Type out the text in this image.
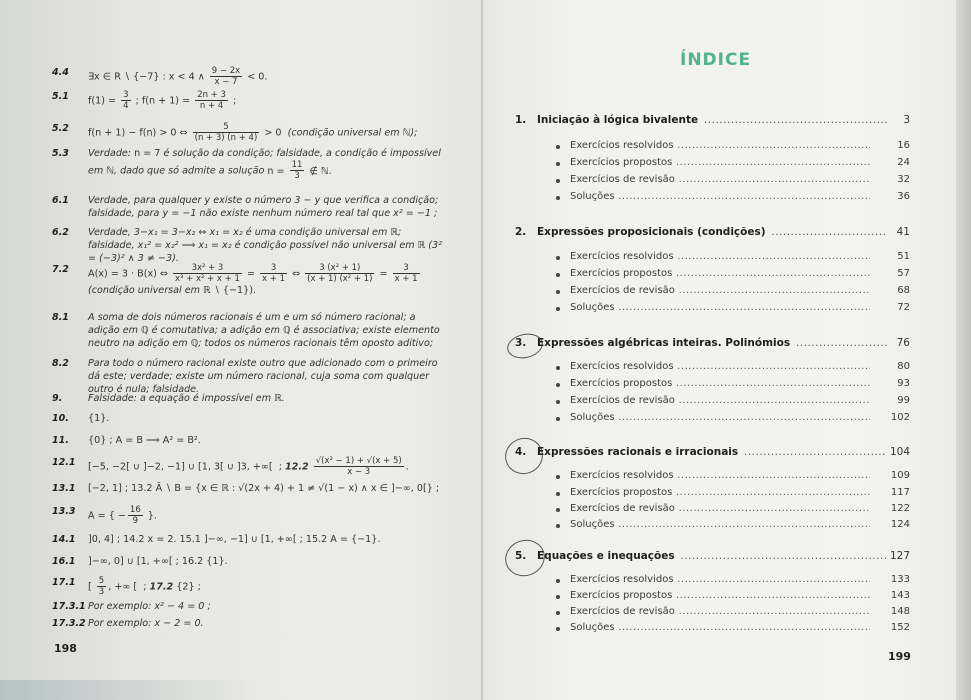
4.4 ∃x ∈ R ∖ {−7} : x < 4 ∧ $\frac{9 - 2x}{x - 7} < 0$.
5.1 $f(1) = \frac{3}{4}$ ; $f(n + 1) = \frac{2n + 3}{n + 4}$ ;
5.2 f(n + 1) − f(n) > 0 ⇔ $\frac{5}{(n + 3) (n + 4)} > 0$  (condição universal em ℕ);
5.3 Verdade: n = 7 é solução da condição; falsidade, a condição é impossível em ℕ, dado que só admite a solução $n = \frac{11}{3}$ ∉ ℕ.
6.1 Verdade, para qualquer y existe o número 3 − y que verifica a condição; falsidade, para y = −1 não existe nenhum número real tal que x² = −1 ;
6.2 Verdade, 3−x₁ = 3−x₂ ⇔ x₁ = x₂ é uma condição universal em ℝ; falsidade, x₁² = x₂² ⟹ x₁ = x₂ é condição possível não universal em ℝ (3² = (−3)² ∧ 3 ≠ −3).
7.2 A(x) = 3 · B(x) ⇔ $\frac{\text{3x² + 3}}{\text{x³ + x² + x + 1}} = \frac{3}{x + 1}$ ⇔ $\frac{\text{3 (x² + 1)}}{\text{(x + 1) (x² + 1)}} = \frac{3}{x + 1}$

(condição universal em ℝ ∖ {−1}).
8.1 A soma de dois números racionais é um e um só número racional; a adição em ℚ é comutativa; a adição em ℚ é associativa; existe elemento neutro na adição em ℚ; todos os números racionais têm oposto aditivo;
8.2 Para todo o número racional existe outro que adicionado com o primeiro dá este; verdade; existe um número racional, cuja soma com qualquer outro é nula; falsidade.
9.	Falsidade: a equação é impossível em ℝ.
10. {1}.
11. {0} ; A = B ⟹ A² = B².
12.1 [−5, −2[ ∪ ]−2, −1] ∪ [1, 3[ ∪ ]3, +∞[  ; $12.2 \frac{\text{√(x² − 1) + √(x + 5)}}{x - 3}$ .
13.1 [−2, 1] ; 13.2 Ā ∖ B = {x ∈ ℝ : √(2x + 4) + 1 ≠ √(1 − x) ∧ x ∈ ]−∞, 0[} ;
13.3 A = { − $\frac{16}{9}$ }.
14.1 ]0, 4] ; 14.2 x = 2. 15.1 ]−∞, −1] ∪ [1, +∞[ ; 15.2 A = {−1}.
16.1 ]−∞, 0] ∪ [1, +∞[ ; 16.2 {1}.
17.1 [ $\frac{5}{3}$ , +∞ [  ; 17.2 {2} ;
17.3.1 Por exemplo: x² − 4 = 0 ;
17.3.2 Por exemplo: x − 2 = 0.
198
ÍNDICE
1. Iniciação à lógica bivalente .....	3
Exercícios resolvidos .....	16
Exercícios propostos .....	24
Exercícios de revisão .....	32
Soluções .....	36
2. Expressões proposicionais (condições) .....	41
Exercícios resolvidos .....	51
Exercícios propostos .....	57
Exercícios de revisão .....	68
Soluções .....	72
3. Expressões algébricas inteiras. Polinómios .....	76
Exercícios resolvidos .....	80
Exercícios propostos .....	93
Exercícios de revisão .....	99
Soluções .....	102
4. Expressões racionais e irracionais .....	104
Exercícios resolvidos .....	109
Exercícios propostos .....	117
Exercícios de revisão .....	122
Soluções .....	124
5. Equações e inequações .....	127
Exercícios resolvidos .....	133
Exercícios propostos .....	143
Exercícios de revisão .....	148
Soluções .....	152
199
